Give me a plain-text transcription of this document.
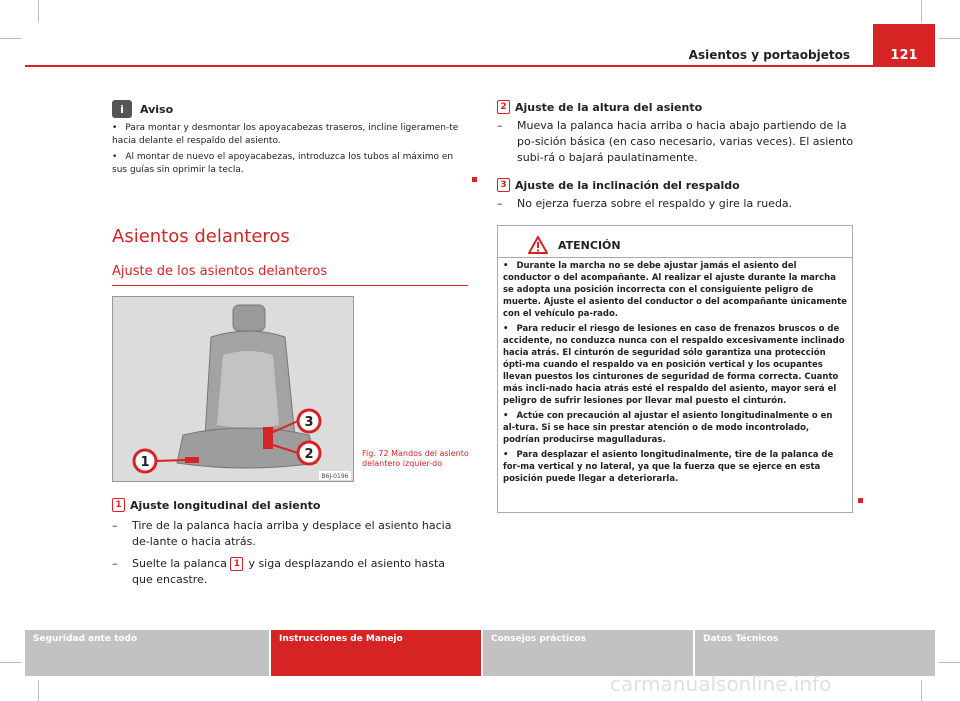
Asientos y portaobjetos	121
i	Aviso

• Para montar y desmontar los apoyacabezas traseros, incline ligeramen-te hacia delante el respaldo del asiento.

• Al montar de nuevo el apoyacabezas, introduzca los tubos al máximo en sus guías sin oprimir la tecla.

Asientos delanteros
Ajuste de los asientos delanteros
3
2
1
B6J-0196
Fig. 72 Mandos del asiento delantero izquier-do
1 Ajuste longitudinal del asiento
–	Tire de la palanca hacia arriba y desplace el asiento hacia de-lante o hacia atrás.
–	Suelte la palanca 1 y siga desplazando el asiento hasta que encastre.
2 Ajuste de la altura del asiento
–	Mueva la palanca hacia arriba o hacia abajo partiendo de la po-sición básica (en caso necesario, varias veces). El asiento subi-rá o bajará paulatinamente.
3 Ajuste de la inclinación del respaldo
–	No ejerza fuerza sobre el respaldo y gire la rueda.
ATENCIÓN

• Durante la marcha no se debe ajustar jamás el asiento del conductor o del acompañante. Al realizar el ajuste durante la marcha se adopta una posición incorrecta con el consiguiente peligro de muerte. Ajuste el asiento del conductor o del acompañante únicamente con el vehículo pa-rado.

• Para reducir el riesgo de lesiones en caso de frenazos bruscos o de accidente, no conduzca nunca con el respaldo excesivamente inclinado hacia atrás. El cinturón de seguridad sólo garantiza una protección ópti-ma cuando el respaldo va en posición vertical y los ocupantes llevan puestos los cinturones de seguridad de forma correcta. Cuanto más incli-nado hacia atrás esté el respaldo del asiento, mayor será el peligro de sufrir lesiones por llevar mal puesto el cinturón.

• Actúe con precaución al ajustar el asiento longitudinalmente o en al-tura. Si se hace sin prestar atención o de modo incontrolado, podrían producirse magulladuras.

• Para desplazar el asiento longitudinalmente, tire de la palanca de for-ma vertical y no lateral, ya que la fuerza que se ejerce en esta posición puede llegar a deteriorarla.

Seguridad ante todo	Instrucciones de Manejo	Consejos prácticos	Datos Técnicos
carmanualsonline.info
